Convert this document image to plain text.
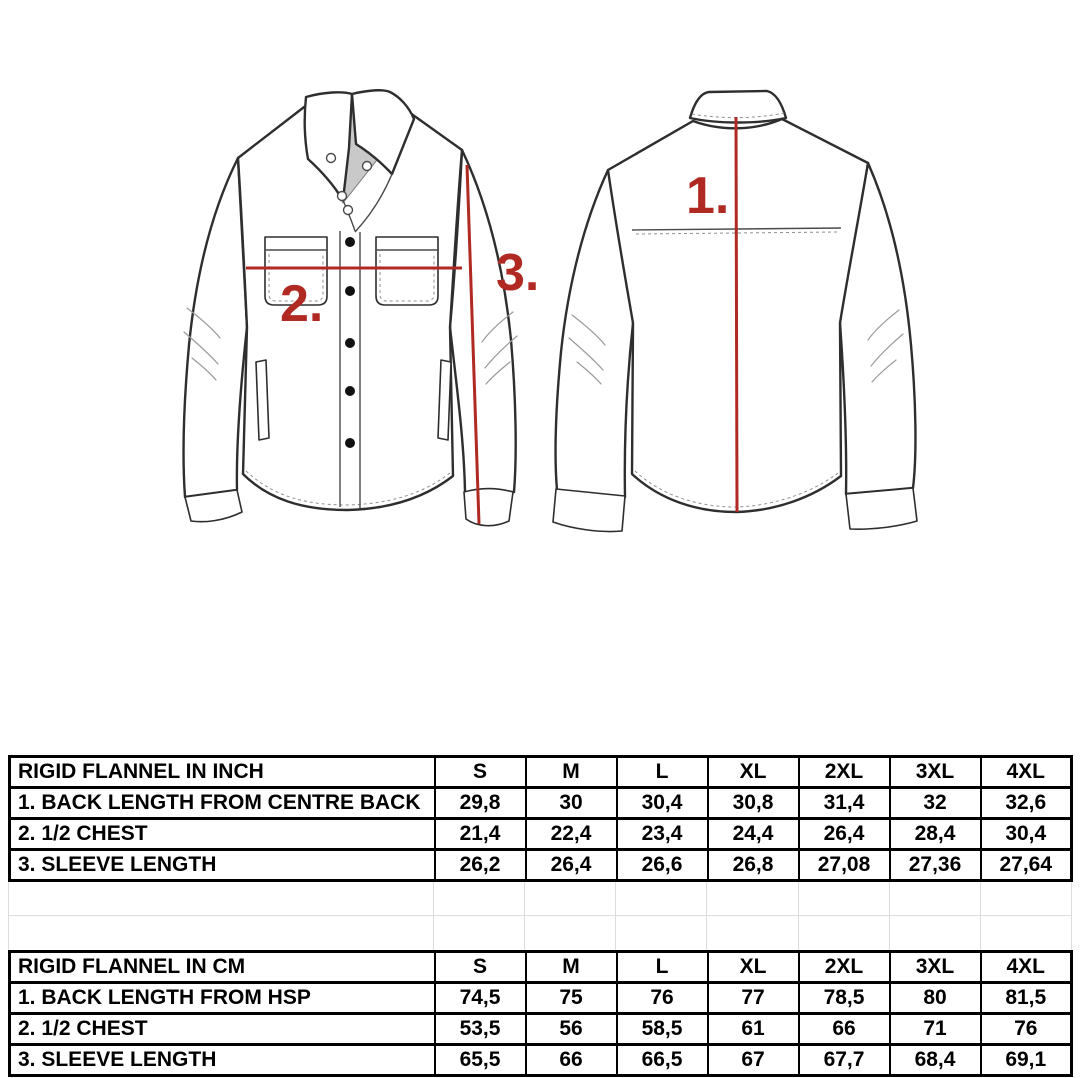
2.
3.
1.
RIGID FLANNEL IN INCH	S	M	L	XL	2XL	3XL	4XL
1. BACK LENGTH FROM CENTRE BACK	29,8	30	30,4	30,8	31,4	32	32,6
2. 1/2 CHEST	21,4	22,4	23,4	24,4	26,4	28,4	30,4
3. SLEEVE LENGTH	26,2	26,4	26,6	26,8	27,08	27,36	27,64
RIGID FLANNEL IN CM	S	M	L	XL	2XL	3XL	4XL
1. BACK LENGTH FROM HSP	74,5	75	76	77	78,5	80	81,5
2. 1/2 CHEST	53,5	56	58,5	61	66	71	76
3. SLEEVE LENGTH	65,5	66	66,5	67	67,7	68,4	69,1
